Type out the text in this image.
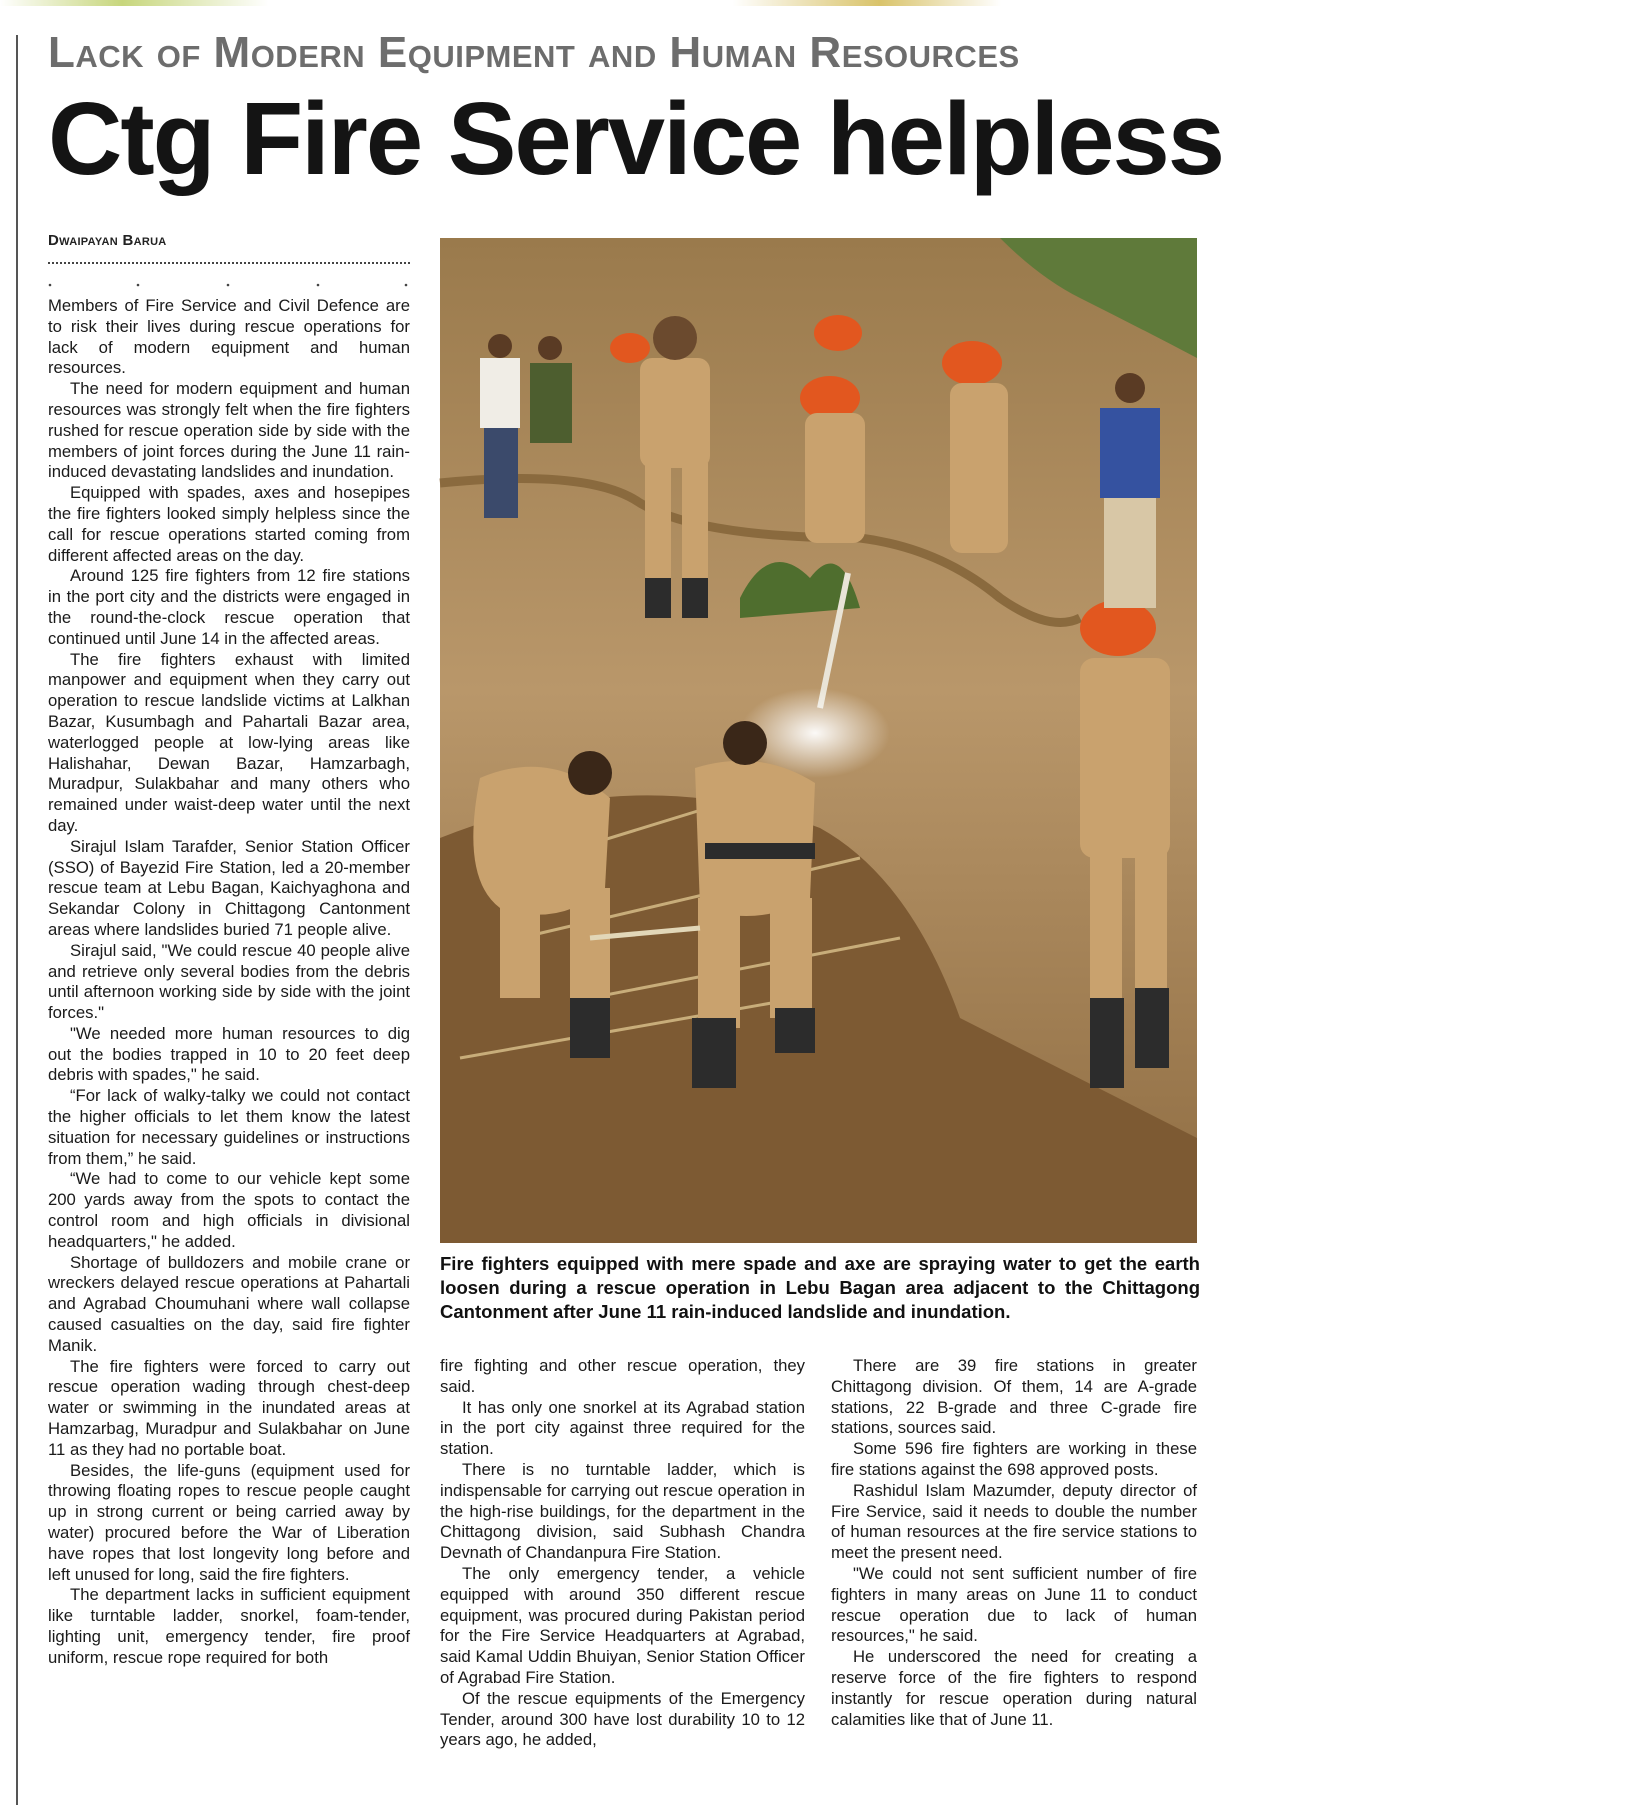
Lack of Modern Equipment and Human Resources
Ctg Fire Service helpless
Dwaipayan Barua

Members of Fire Service and Civil Defence are to risk their lives during rescue operations for lack of modern equipment and human resources.

The need for modern equipment and human resources was strongly felt when the fire fighters rushed for rescue operation side by side with the members of joint forces during the June 11 rain-induced devastating landslides and inundation.

Equipped with spades, axes and hosepipes the fire fighters looked simply helpless since the call for rescue operations started coming from different affected areas on the day.

Around 125 fire fighters from 12 fire stations in the port city and the districts were engaged in the round-the-clock rescue operation that continued until June 14 in the affected areas.

The fire fighters exhaust with limited manpower and equipment when they carry out operation to rescue landslide victims at Lalkhan Bazar, Kusumbagh and Pahartali Bazar area, waterlogged people at low-lying areas like Halishahar, Dewan Bazar, Hamzarbagh, Muradpur, Sulakbahar and many others who remained under waist-deep water until the next day.

Sirajul Islam Tarafder, Senior Station Officer (SSO) of Bayezid Fire Station, led a 20-member rescue team at Lebu Bagan, Kaichyaghona and Sekandar Colony in Chittagong Cantonment areas where landslides buried 71 people alive.

Sirajul said, "We could rescue 40 people alive and retrieve only several bodies from the debris until afternoon working side by side with the joint forces."

"We needed more human resources to dig out the bodies trapped in 10 to 20 feet deep debris with spades," he said.

“For lack of walky-talky we could not contact the higher officials to let them know the latest situation for necessary guidelines or instructions from them,” he said.

“We had to come to our vehicle kept some 200 yards away from the spots to contact the control room and high officials in divisional headquarters," he added.

Shortage of bulldozers and mobile crane or wreckers delayed rescue operations at Pahartali and Agrabad Choumuhani where wall collapse caused casualties on the day, said fire fighter Manik.

The fire fighters were forced to carry out rescue operation wading through chest-deep water or swimming in the inundated areas at Hamzarbag, Muradpur and Sulakbahar on June 11 as they had no portable boat.

Besides, the life-guns (equipment used for throwing floating ropes to rescue people caught up in strong current or being carried away by water) procured before the War of Liberation have ropes that lost longevity long before and left unused for long, said the fire fighters.

The department lacks in sufficient equipment like turntable ladder, snorkel, foam-tender, lighting unit, emergency tender, fire proof uniform, rescue rope required for both

STAR PHOTO
Fire fighters equipped with mere spade and axe are spraying water to get the earth loosen during a rescue operation in Lebu Bagan area adjacent to the Chittagong Cantonment after June 11 rain-induced landslide and inundation.

fire fighting and other rescue operation, they said.

It has only one snorkel at its Agrabad station in the port city against three required for the station.

There is no turntable ladder, which is indispensable for carrying out rescue operation in the high-rise buildings, for the department in the Chittagong division, said Subhash Chandra Devnath of Chandanpura Fire Station.

The only emergency tender, a vehicle equipped with around 350 different rescue equipment, was procured during Pakistan period for the Fire Service Headquarters at Agrabad, said Kamal Uddin Bhuiyan, Senior Station Officer of Agrabad Fire Station.

Of the rescue equipments of the Emergency Tender, around 300 have lost durability 10 to 12 years ago, he added,

There are 39 fire stations in greater Chittagong division. Of them, 14 are A-grade stations, 22 B-grade and three C-grade fire stations, sources said.

Some 596 fire fighters are working in these fire stations against the 698 approved posts.

Rashidul Islam Mazumder, deputy director of Fire Service, said it needs to double the number of human resources at the fire service stations to meet the present need.

"We could not sent sufficient number of fire fighters in many areas on June 11 to conduct rescue operation due to lack of human resources," he said.

He underscored the need for creating a reserve force of the fire fighters to respond instantly for rescue operation during natural calamities like that of June 11.
